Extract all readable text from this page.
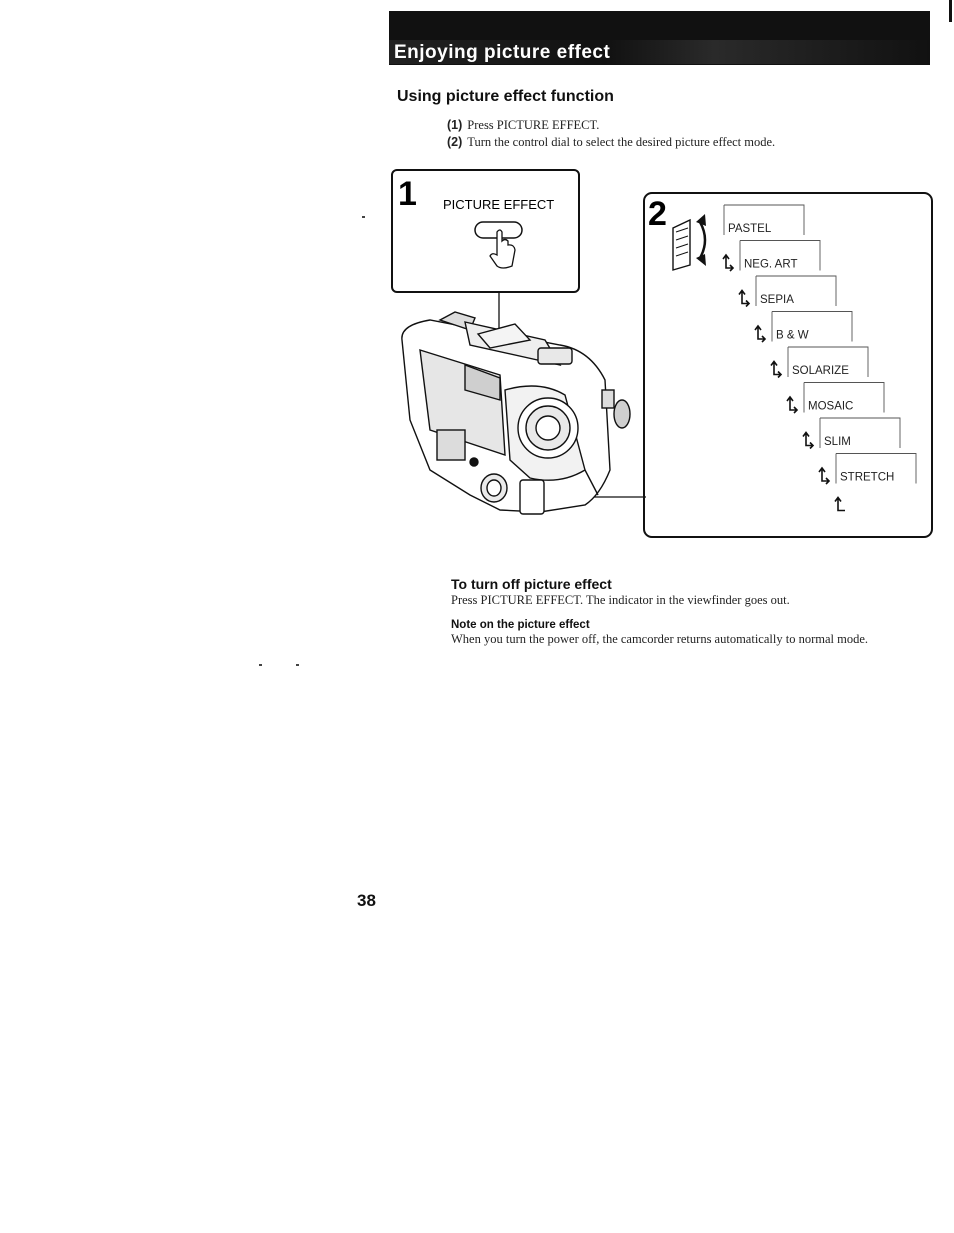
Enjoying picture effect
Using picture effect function
(1) Press PICTURE EFFECT.
(2) Turn the control dial to select the desired picture effect mode.
1 PICTURE EFFECT	2	PASTEL
NEG. ART
SEPIA
B & W
SOLARIZE
MOSAIC
SLIM
STRETCH
To turn off picture effect
Press PICTURE EFFECT. The indicator in the viewfinder goes out.
Note on the picture effect
When you turn the power off, the camcorder returns automatically to normal mode.
38
